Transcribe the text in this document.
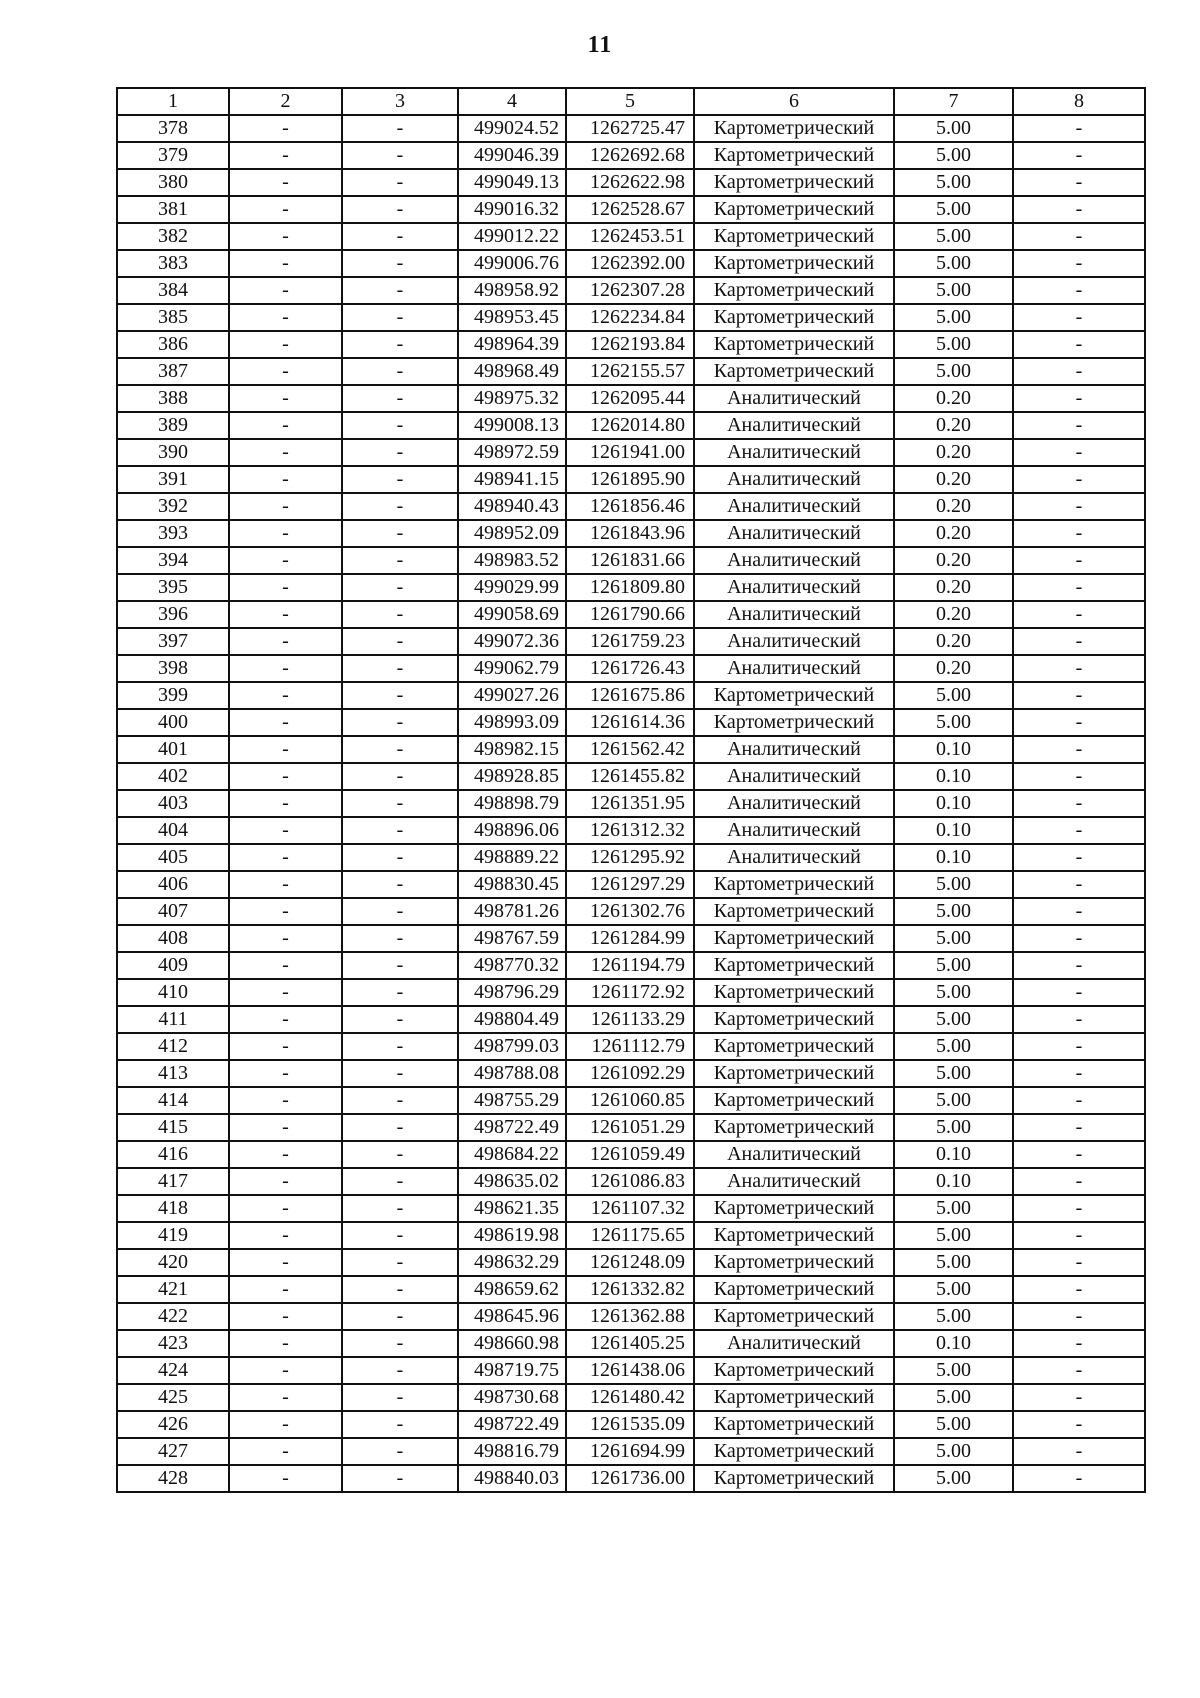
11
1	2	3	4	5	6	7	8
378	-	-	499024.52	1262725.47	Картометрический	5.00	-
379	-	-	499046.39	1262692.68	Картометрический	5.00	-
380	-	-	499049.13	1262622.98	Картометрический	5.00	-
381	-	-	499016.32	1262528.67	Картометрический	5.00	-
382	-	-	499012.22	1262453.51	Картометрический	5.00	-
383	-	-	499006.76	1262392.00	Картометрический	5.00	-
384	-	-	498958.92	1262307.28	Картометрический	5.00	-
385	-	-	498953.45	1262234.84	Картометрический	5.00	-
386	-	-	498964.39	1262193.84	Картометрический	5.00	-
387	-	-	498968.49	1262155.57	Картометрический	5.00	-
388	-	-	498975.32	1262095.44	Аналитический	0.20	-
389	-	-	499008.13	1262014.80	Аналитический	0.20	-
390	-	-	498972.59	1261941.00	Аналитический	0.20	-
391	-	-	498941.15	1261895.90	Аналитический	0.20	-
392	-	-	498940.43	1261856.46	Аналитический	0.20	-
393	-	-	498952.09	1261843.96	Аналитический	0.20	-
394	-	-	498983.52	1261831.66	Аналитический	0.20	-
395	-	-	499029.99	1261809.80	Аналитический	0.20	-
396	-	-	499058.69	1261790.66	Аналитический	0.20	-
397	-	-	499072.36	1261759.23	Аналитический	0.20	-
398	-	-	499062.79	1261726.43	Аналитический	0.20	-
399	-	-	499027.26	1261675.86	Картометрический	5.00	-
400	-	-	498993.09	1261614.36	Картометрический	5.00	-
401	-	-	498982.15	1261562.42	Аналитический	0.10	-
402	-	-	498928.85	1261455.82	Аналитический	0.10	-
403	-	-	498898.79	1261351.95	Аналитический	0.10	-
404	-	-	498896.06	1261312.32	Аналитический	0.10	-
405	-	-	498889.22	1261295.92	Аналитический	0.10	-
406	-	-	498830.45	1261297.29	Картометрический	5.00	-
407	-	-	498781.26	1261302.76	Картометрический	5.00	-
408	-	-	498767.59	1261284.99	Картометрический	5.00	-
409	-	-	498770.32	1261194.79	Картометрический	5.00	-
410	-	-	498796.29	1261172.92	Картометрический	5.00	-
411	-	-	498804.49	1261133.29	Картометрический	5.00	-
412	-	-	498799.03	1261112.79	Картометрический	5.00	-
413	-	-	498788.08	1261092.29	Картометрический	5.00	-
414	-	-	498755.29	1261060.85	Картометрический	5.00	-
415	-	-	498722.49	1261051.29	Картометрический	5.00	-
416	-	-	498684.22	1261059.49	Аналитический	0.10	-
417	-	-	498635.02	1261086.83	Аналитический	0.10	-
418	-	-	498621.35	1261107.32	Картометрический	5.00	-
419	-	-	498619.98	1261175.65	Картометрический	5.00	-
420	-	-	498632.29	1261248.09	Картометрический	5.00	-
421	-	-	498659.62	1261332.82	Картометрический	5.00	-
422	-	-	498645.96	1261362.88	Картометрический	5.00	-
423	-	-	498660.98	1261405.25	Аналитический	0.10	-
424	-	-	498719.75	1261438.06	Картометрический	5.00	-
425	-	-	498730.68	1261480.42	Картометрический	5.00	-
426	-	-	498722.49	1261535.09	Картометрический	5.00	-
427	-	-	498816.79	1261694.99	Картометрический	5.00	-
428	-	-	498840.03	1261736.00	Картометрический	5.00	-
